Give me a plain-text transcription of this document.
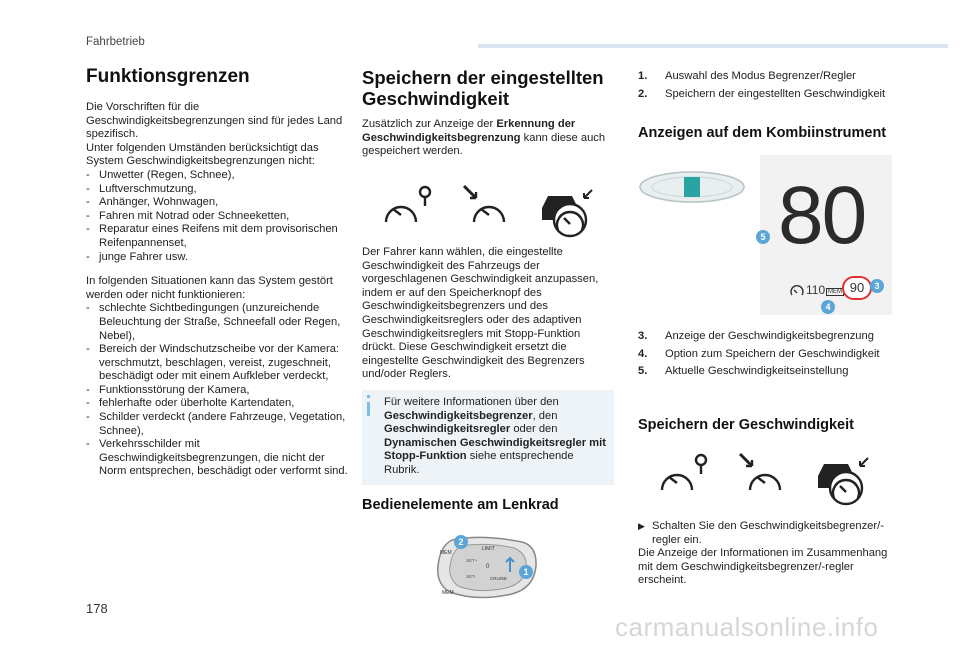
Fahrbetrieb
Funktionsgrenzen

Die Vorschriften für die Geschwindigkeitsbegrenzungen sind für jedes Land spezifisch.

Unter folgenden Umständen berücksichtigt das System Geschwindigkeitsbegrenzungen nicht:

- Unwetter (Regen, Schnee),
- Luftverschmutzung,
- Anhänger, Wohnwagen,
- Fahren mit Notrad oder Schneeketten,
- Reparatur eines Reifens mit dem provisorischen Reifenpannenset,
- junge Fahrer usw.

In folgenden Situationen kann das System gestört werden oder nicht funktionieren:

- schlechte Sichtbedingungen (unzureichende Beleuchtung der Straße, Schneefall oder Regen, Nebel),
- Bereich der Windschutzscheibe vor der Kamera: verschmutzt, beschlagen, vereist, zugeschneit, beschädigt oder mit einem Aufkleber verdeckt,
- Funktionsstörung der Kamera,
- fehlerhafte oder überholte Kartendaten,
- Schilder verdeckt (andere Fahrzeuge, Vegetation, Schnee),
- Verkehrsschilder mit Geschwindigkeitsbegrenzungen, die nicht der Norm entsprechen, beschädigt oder verformt sind.
Speichern der eingestellten
Geschwindigkeit

Zusätzlich zur Anzeige der Erkennung der Geschwindigkeitsbegrenzung kann diese auch gespeichert werden.

Der Fahrer kann wählen, die eingestellte Geschwindigkeit des Fahrzeugs der vorgeschlagenen Geschwindigkeit anzupassen, indem er auf den Speicherknopf des Geschwindigkeitsbegrenzers und des Geschwindigkeitsreglers oder des adaptiven Geschwindigkeitsreglers mit Stopp-Funktion drückt. Diese Geschwindigkeit ersetzt die eingestellte Geschwindigkeit des Begrenzers und/oder Reglers.

Für weitere Informationen über den Geschwindigkeitsbegrenzer, den Geschwindigkeitsregler oder den Dynamischen Geschwindigkeitsregler mit Stopp-Funktion siehe entsprechende Rubrik.

Bedienelemente am Lenkrad
LIMIT
0
SET+
SET-	CRUISE
MEM
MEM
2
1
1.	Auswahl des Modus Begrenzer/Regler
2.	Speichern der eingestellten Geschwindigkeit
Anzeigen auf dem Kombiinstrument
80
110 MEM 90	3
4
5
3.	Anzeige der Geschwindigkeitsbegrenzung
4.	Option zum Speichern der Geschwindigkeit
5.	Aktuelle Geschwindigkeitseinstellung
Speichern der Geschwindigkeit
▶ Schalten Sie den Geschwindigkeitsbegrenzer/-regler ein.

Die Anzeige der Informationen im Zusammenhang mit dem Geschwindigkeitsbegrenzer/-regler erscheint.

178
carmanualsonline.info
